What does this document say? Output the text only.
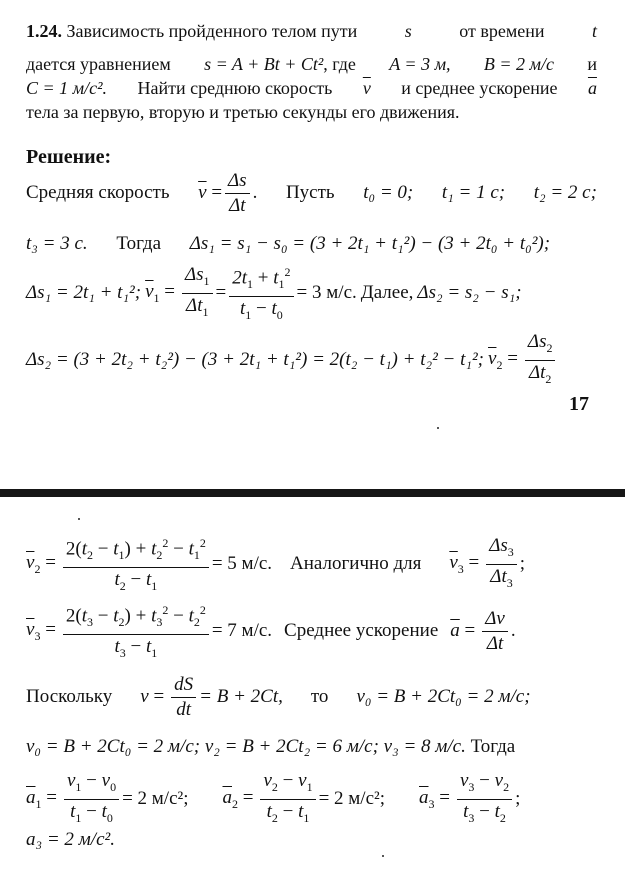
1.24. Зависимость пройденного телом пути	s	от времени	t
дается уравнением s = A + Bt + Ct², где A = 3 м, B = 2 м/с и
C = 1 м/с². Найти среднюю скорость $\overline{v}$ и среднее ускорение $\overline{a}$
тела за первую, вторую и третью секунды его движения.
Решение:
Средняя скорость $\overline{v} = \frac{\Delta s}{\Delta t}$ . Пусть t₀ = 0; t₁ = 1 с; t₂ = 2 с;
t₃ = 3 с. Тогда Δs₁ = s₁ − s₀ = (3 + 2t₁ + t₁²) − (3 + 2t₀ + t₀²);
Δs₁ = 2t₁ + t₁²; $\overline{v}_1 = \frac{\Delta s_1}{\Delta t_1} = \frac{2t_1 + t_1^2}{t_1 - t_0} = 3$ м/с. Далее, Δs₂ = s₂ − s₁;
Δs₂ = (3 + 2t₂ + t₂²) − (3 + 2t₁ + t₁²) = 2(t₂ − t₁) + t₂² − t₁²; $\overline{v}_2 = \frac{\Delta s_2}{\Delta t_2}$
17
$\overline{v}_2 = \frac{2(t_2 - t_1) + t_2^2 - t_1^2}{t_2 - t_1} = 5$ м/с. Аналогично для $\overline{v}_3 = \frac{\Delta s_3}{\Delta t_3}$ ;
$\overline{v}_3 = \frac{2(t_3 - t_2) + t_3^2 - t_2^2}{t_3 - t_1} = 7$ м/с. Среднее ускорение $\overline{a} = \frac{\Delta v}{\Delta t}$ .
Поскольку $v = \frac{dS}{dt} = B + 2Ct$, то v₀ = B + 2Ct₀ = 2 м/с;
v₀ = B + 2Ct₀ = 2 м/с; v₂ = B + 2Ct₂ = 6 м/с; v₃ = 8 м/с. Тогда
$\overline{a}_1 = \frac{v_1 - v_0}{t_1 - t_0} = 2$ м/с²; $\overline{a}_2 = \frac{v_2 - v_1}{t_2 - t_1} = 2$ м/с²; $\overline{a}_3 = \frac{v_3 - v_2}{t_3 - t_2}$ ;
a₃ = 2 м/с².
